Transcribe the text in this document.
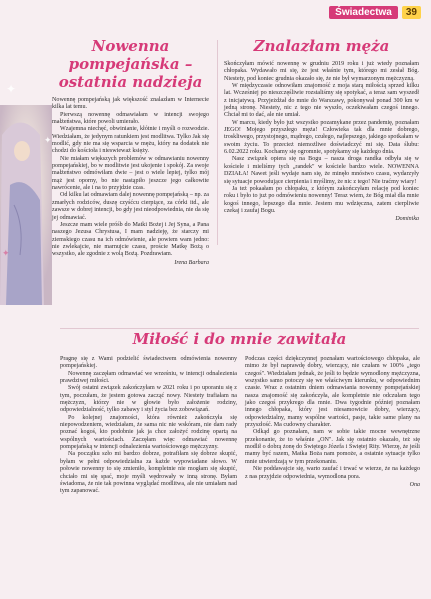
Świadectwa	39
✦
✦
✦
Nowenna pompejańska –
ostatnia nadzieja

Nowennę pompejańską jak większość znalazłam w Internecie kilka lat temu.

Pierwszą nowennę odmawiałam w intencji swojego małżeństwa, które powoli umierało.

Wzajemna niechęć, obwinianie, kłótnie i myśli o rozwodzie. Wiedziałam, że jedynym ratunkiem jest modlitwa. Tylko Jak się modlić, gdy nie ma się wsparcia w mężu, który na dodatek nie chodzi do kościoła i nieswieważ księży.

Nie miałam większych problemów w odmawianiu nowenny pompejańskiej, bo w modlitwie jest ukojenie i spokój. Za swoje małżeństwo odmówiłam dwie – jest o wiele lepiej, tylko mój mąż jest oporny, bo nie nastąpiło jeszcze jego całkowite nawrócenie, ale i na to przyjdzie czas.

Od kilku lat odmawiam dalej nowennę pompejańską – np. za zmarłych rodziców, duszę czyśćcu cierpiące, za córki itd., ale zawsze w dobrej intencji, bo gdy jest nieodpowiednia, nie da się jej odmawiać.

Jeszcze mam wiele próśb do Matki Bożej i Jej Syna, a Pana naszego Jezusa Chrystusa, I mam nadzieję, że starczy mi ziemskiego czasu na ich odmówienie, ale powiem wam jedno: nie zwlekajcie, nie marnujcie czasu, proście Matkę Bożą o wszystko, ale zgodnie z wolą Bożą. Pozdrawiam.

Irena Barbara
Znalazłam męża

Skończyłam mówić nowennę w grudniu 2019 roku i już wtedy poznałam chłopaka. Wydawało mi się, że jest właśnie tym, którego mi zesłał Bóg. Niestety, pod koniec grudnia okazało się, że nie był wymarzonym mężczyzną.

W międzyczasie odnowiłam znajomość z moja starą miłością sprzed kilku lat. Wcześniej po nieszczęśliwie rozstaliśmy się spotykać, a teraz sam wyszedł z inicjatywą. Przyjeżdżał do mnie do Warszawy, pokonywał ponad 300 km w jedną stronę. Niestety, nic z tego nie wyszło, oczekiwałam czegoś innego. Chciał mi to dać, ale nie umiał.

W marcu, kiedy było już wszystko pozamykane przez pandemię, poznałam JEGO! Mojego przyszłego męża! Człowieka tak dla mnie dobrego, troskliwego, przystojnego, mądrego, czułego, najlepszego, jakiego spotkałam w swoim życiu. To przecież niemożliwe doświadczyć mi się. Data ślubu: 6.02.2022 roku. Kochamy się ogromnie, spotykamy się każdego dnia.

Nasz związek opiera się na Bogu – nasza droga randka odbyła się w kościele i mieliśmy tych „randek" w kościele bardzo wiele. NOWENNA DZIAŁA! Nawet jeśli wydaje nam się, że minęło mnóstwo czasu, wydarzyły się sytuacje powodujące cierpienia i myślimy, że nic z tego! Nie traćmy wiary!

Ja też pokaałam po chłopaku, z którym zakończyłam relację pod koniec roku i było to już po odmówieniu nowenny! Teraz wiem, że Bóg miał dla mnie kogoś innego, lepszego dla mnie. Jestem mu wdzięczna, zatem cierpliwie czekaj i zaufaj Bogu.

Dominika
Miłość i do mnie zawitała

Pragnę się z Wami podzielić świadectwem odmówienia nowenny pompejańskiej.

Nowennę zaczęłam odmawiać we wrześniu, w intencji odnalezienia prawdziwej miłości.

Swój ostatni związek zakończyłam w 2021 roku i po uporaniu się z tym, poczułam, że jestem gotowa zacząć nowy. Niestety trafiałam na mężczyzn, którzy nie w głowie było założenie rodziny, odpowiedzialność, tylko zabawy i styl życia bez zobowiązań.

Po kolejnej znajomości, która również zakończyła się niepowodzeniem, wiedziałam, że sama nic nie wskóram, nie dam rady poznać kogoś, kto podobnie jak ja chce założyć rodzinę opartą na wspólnych wartościach. Zaczęłam więc odmawiać nowennę pompejańską w intencji odnalezienia wartościowego mężczyzny.

Na początku szło mi bardzo dobrze, potrafiłam się dobrze skupić, byłam w pełni odpowiedzialna za każde wypowiadane słowo. W połowie nowenny to się zmieniło, kompletnie nie mogłam się skupić, chciało mi się spać, moje myśli wędrowały w inną stronę. Byłam świadoma, że nie tak powinna wyglądać modlitwa, ale nie umiałam nad tym zapanować.

Podczas części dziękczynnej poznałam wartościowego chłopaka, ale mimo że był naprawdę dobry, wierzący, nie czułam w 100% „tego czegoś". Wiedziałam jednak, że jeśli to będzie wymodlony mężczyzna, wszystko samo potoczy się we właściwym kierunku, w odpowiednim czasie. Wraz z ostatnim dniem odmawiania nowenny pompejańskiej nasza znajomość się zakończyła, ale kompletnie nie odczułam tego jako czegoś przykrego dla mnie. Dwa tygodnie później poznałam innego chłopaka, który jest niesamowicie dobry, wierzący, odpowiedzialny, mamy wspólne wartości, pasje, takie same plany na przyszłość. Ma cudowny charakter.

Odkąd go poznałam, nam w sobie takie mocne wewnętrzne przekonanie, że to właśnie „ON". Jak się ostatnio okazało, też się modlił o dobrą żonę do Świętego Józefa i Świętej Rity. Wierzę, że jeśli mamy być razem, Matka Boża nam pomoże, a ostatnie sytuacje tylko mnie utwierdzają w tym przekonaniu.

Nie poddawajcie się, warto zaufać i trwać w wierze, że na każdego z nas przyjdzie odpowiednia, wymodlona pora.

Ona
